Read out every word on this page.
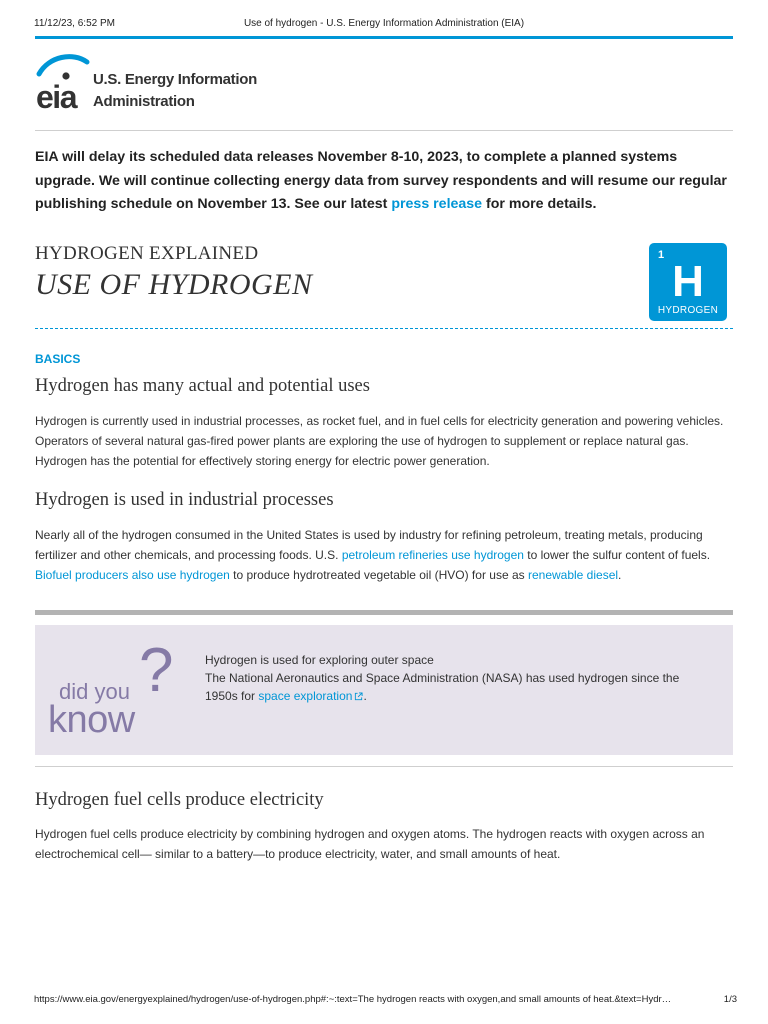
11/12/23, 6:52 PM	Use of hydrogen - U.S. Energy Information Administration (EIA)
eia U.S. Energy Information
Administration
EIA will delay its scheduled data releases November 8-10, 2023, to complete a planned systems upgrade. We will continue collecting energy data from survey respondents and will resume our regular publishing schedule on November 13. See our latest press release for more details.
HYDROGEN EXPLAINED
USE OF HYDROGEN
1
H
HYDROGEN
BASICS
Hydrogen has many actual and potential uses
Hydrogen is currently used in industrial processes, as rocket fuel, and in fuel cells for electricity generation and powering vehicles. Operators of several natural gas-fired power plants are exploring the use of hydrogen to supplement or replace natural gas. Hydrogen has the potential for effectively storing energy for electric power generation.
Hydrogen is used in industrial processes
Nearly all of the hydrogen consumed in the United States is used by industry for refining petroleum, treating metals, producing fertilizer and other chemicals, and processing foods. U.S. petroleum refineries use hydrogen to lower the sulfur content of fuels. Biofuel producers also use hydrogen to produce hydrotreated vegetable oil (HVO) for use as renewable diesel.
?
did you
know
Hydrogen is used for exploring outer space
The National Aeronautics and Space Administration (NASA) has used hydrogen since the 1950s for space exploration .
Hydrogen fuel cells produce electricity
Hydrogen fuel cells produce electricity by combining hydrogen and oxygen atoms. The hydrogen reacts with oxygen across an electrochemical cell— similar to a battery—to produce electricity, water, and small amounts of heat.
https://www.eia.gov/energyexplained/hydrogen/use-of-hydrogen.php#:~:text=The hydrogen reacts with oxygen,and small amounts of heat.&text=Hydr…	1/3
